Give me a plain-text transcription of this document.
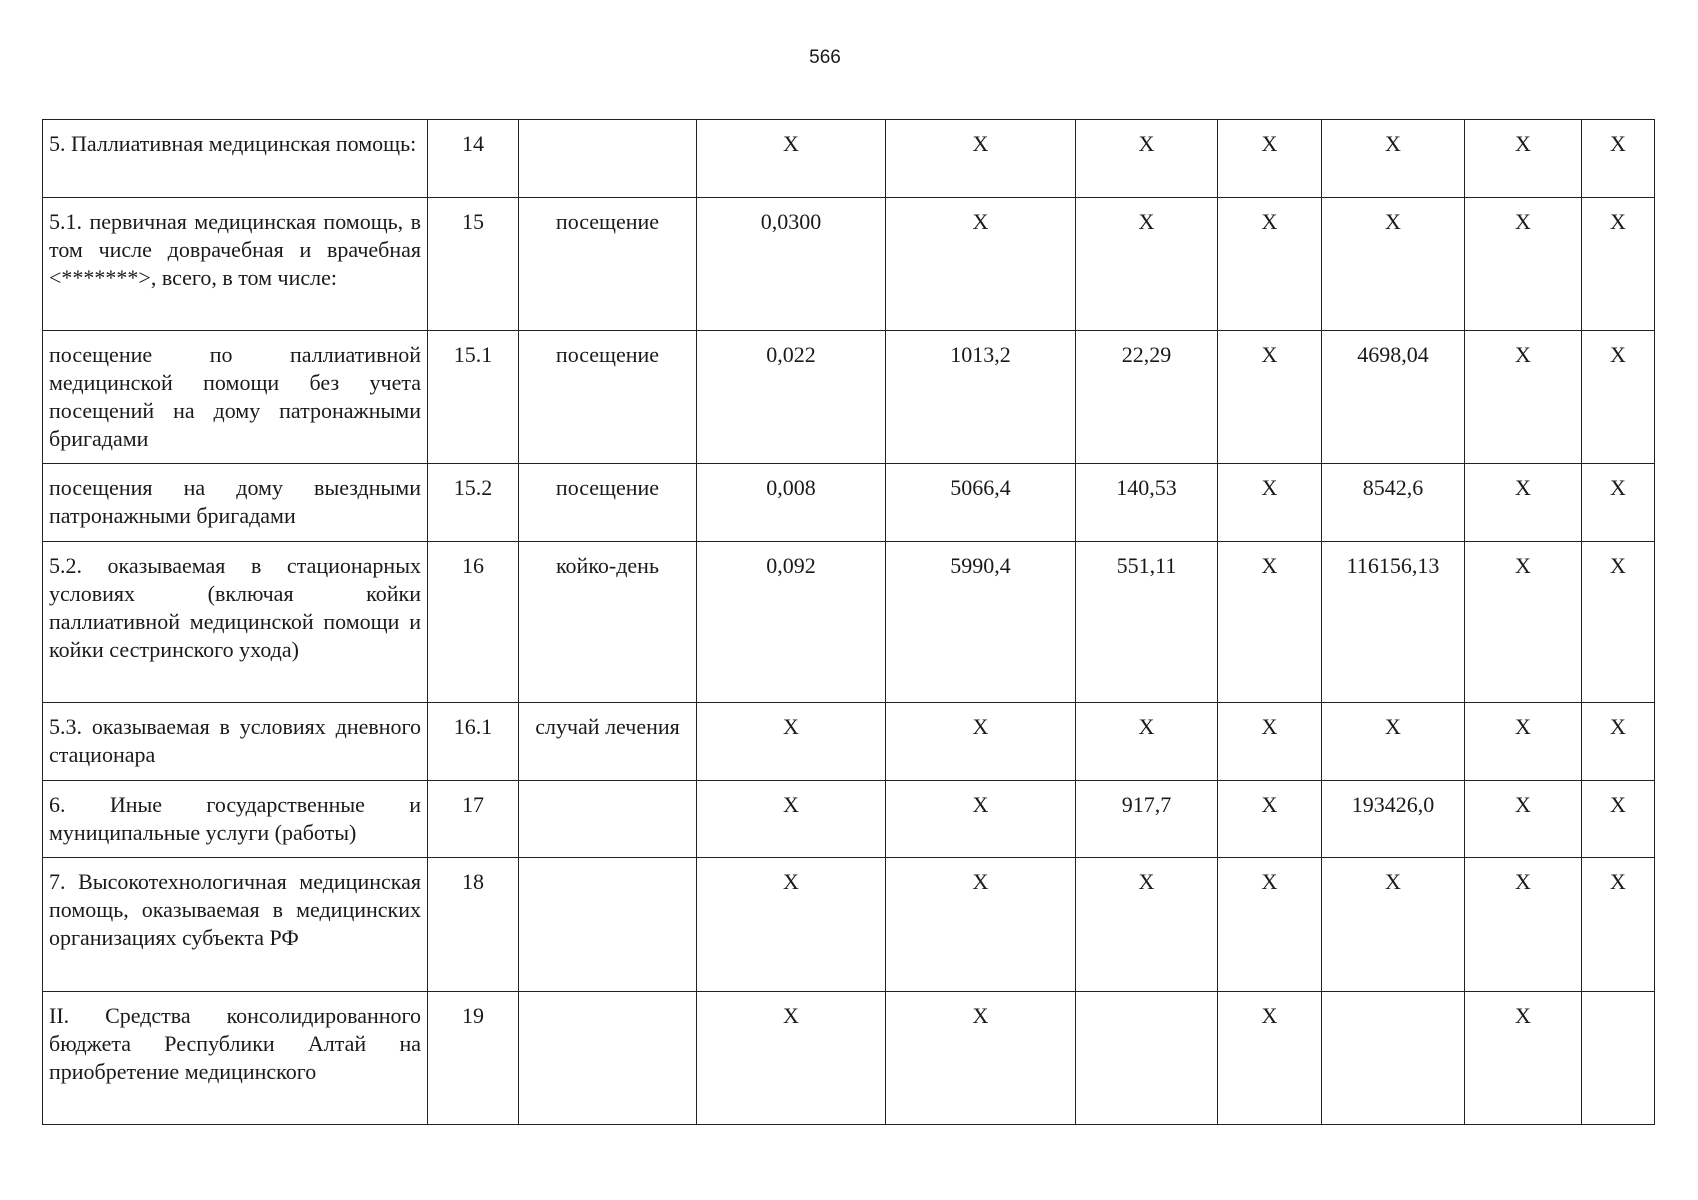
566
5. Паллиативная медицинская помощь:	14		X	X	X	X	X	X	X
5.1. первичная медицинская помощь, в том числе доврачебная и врачебная <*******>, всего, в том числе:	15	посещение	0,0300	X	X	X	X	X	X
посещение по паллиативной медицинской помощи без учета посещений на дому патронажными бригадами	15.1	посещение	0,022	1013,2	22,29	X	4698,04	X	X
посещения на дому выездными патронажными бригадами	15.2	посещение	0,008	5066,4	140,53	X	8542,6	X	X
5.2. оказываемая в стационарных условиях (включая койки паллиативной медицинской помощи и койки сестринского ухода)	16	койко-день	0,092	5990,4	551,11	X	116156,13	X	X
5.3. оказываемая в условиях дневного стационара	16.1	случай лечения	X	X	X	X	X	X	X
6. Иные государственные и муниципальные услуги (работы)	17		X	X	917,7	X	193426,0	X	X
7. Высокотехнологичная медицинская помощь, оказываемая в медицинских организациях субъекта РФ	18		X	X	X	X	X	X	X
II. Средства консолидированного бюджета Республики Алтай на приобретение медицинского	19		X	X		X		X	
